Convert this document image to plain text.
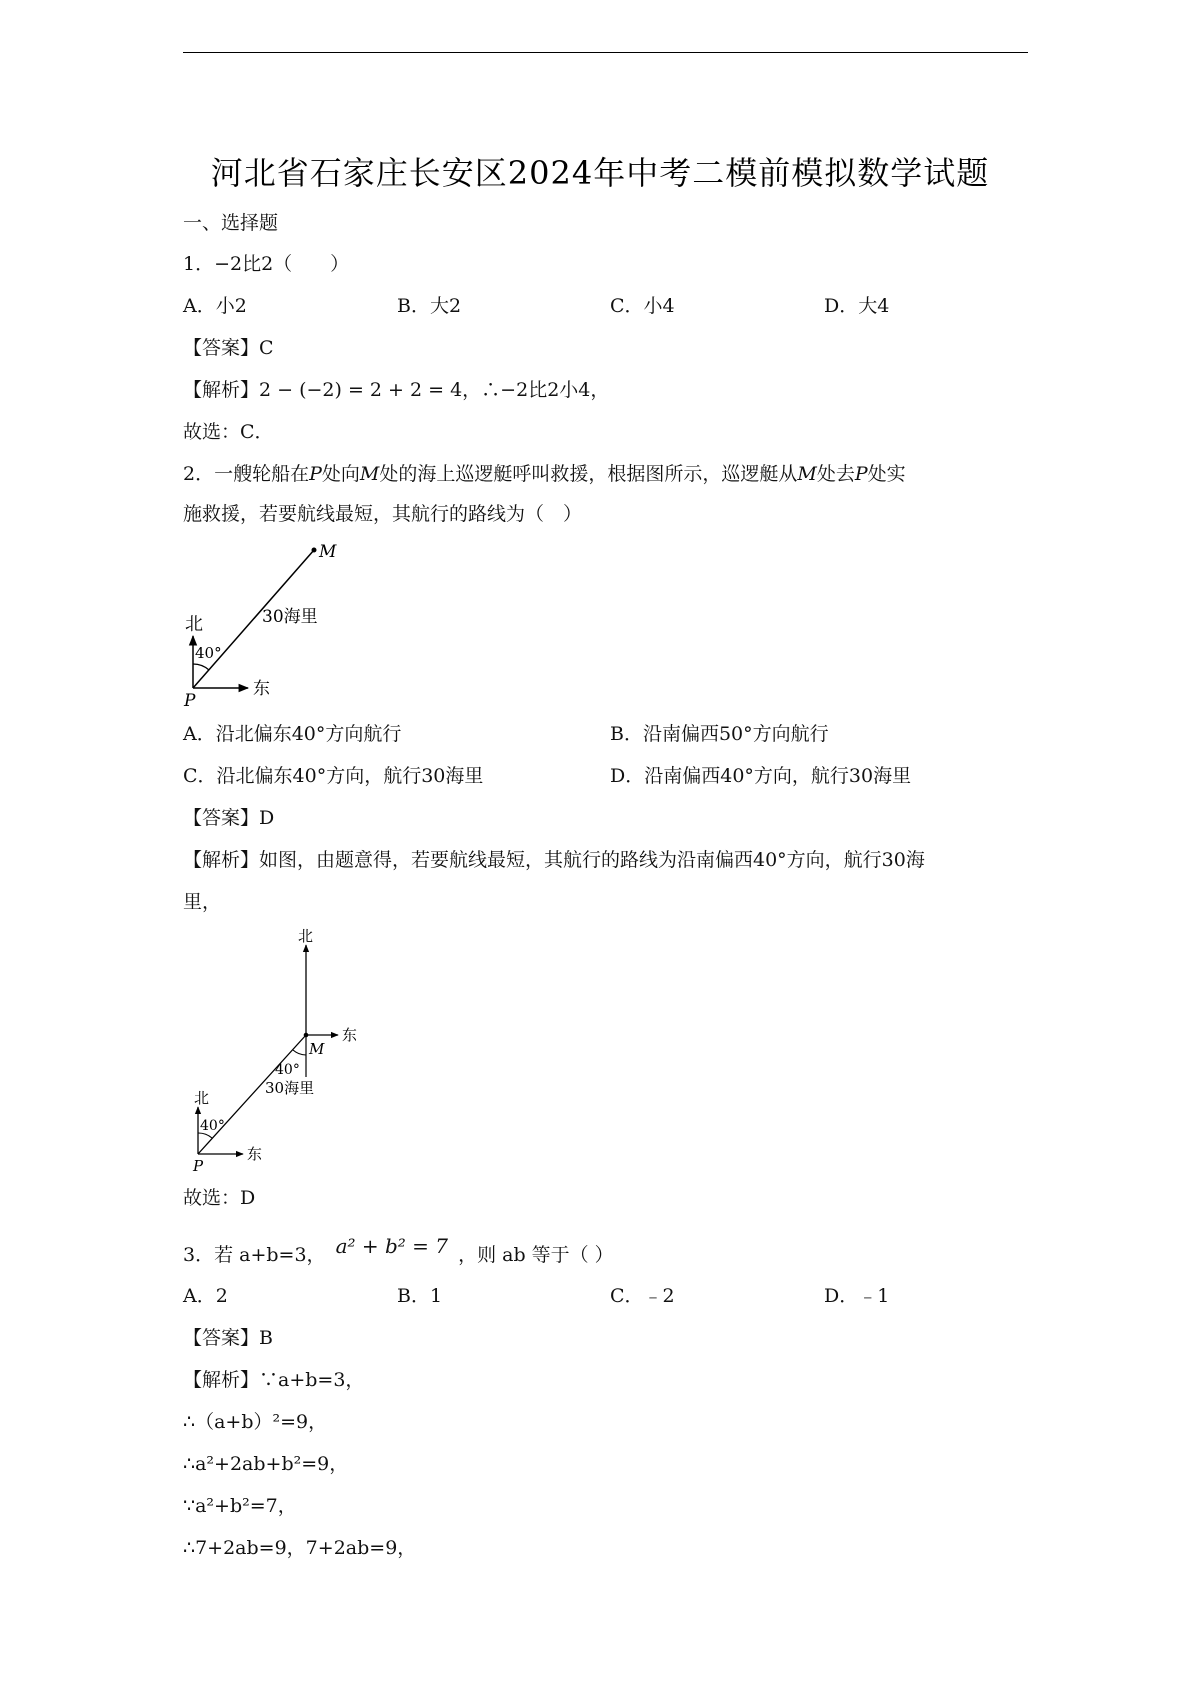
河北省石家庄长安区2024年中考二模前模拟数学试题
一、选择题
1．−2比2（　　）
A．小2	B．大2	C．小4	D．大4
【答案】C
【解析】2 − (−2) = 2 + 2 = 4，∴−2比2小4，
故选：C．
2．一艘轮船在P处向M处的海上巡逻艇呼叫救援，根据图所示，巡逻艇从M处去P处实
施救援，若要航线最短，其航行的路线为（　）
北
东
40°
30海里
P
M
A．沿北偏东40°方向航行	B．沿南偏西50°方向航行
C．沿北偏东40°方向，航行30海里	D．沿南偏西40°方向，航行30海里
【答案】D
【解析】如图，由题意得，若要航线最短，其航行的路线为沿南偏西40°方向，航行30海
里，
北
东
M
40°
30海里
北
40°
东
P
故选：D
3．若 a+b=3， a² + b² = 7 ，则 ab 等于（ ）
A．2	B．1	C．﹣2	D．﹣1
【答案】B
【解析】∵a+b=3，
∴（a+b）²=9，
∴a²+2ab+b²=9，
∵a²+b²=7，
∴7+2ab=9，7+2ab=9，
